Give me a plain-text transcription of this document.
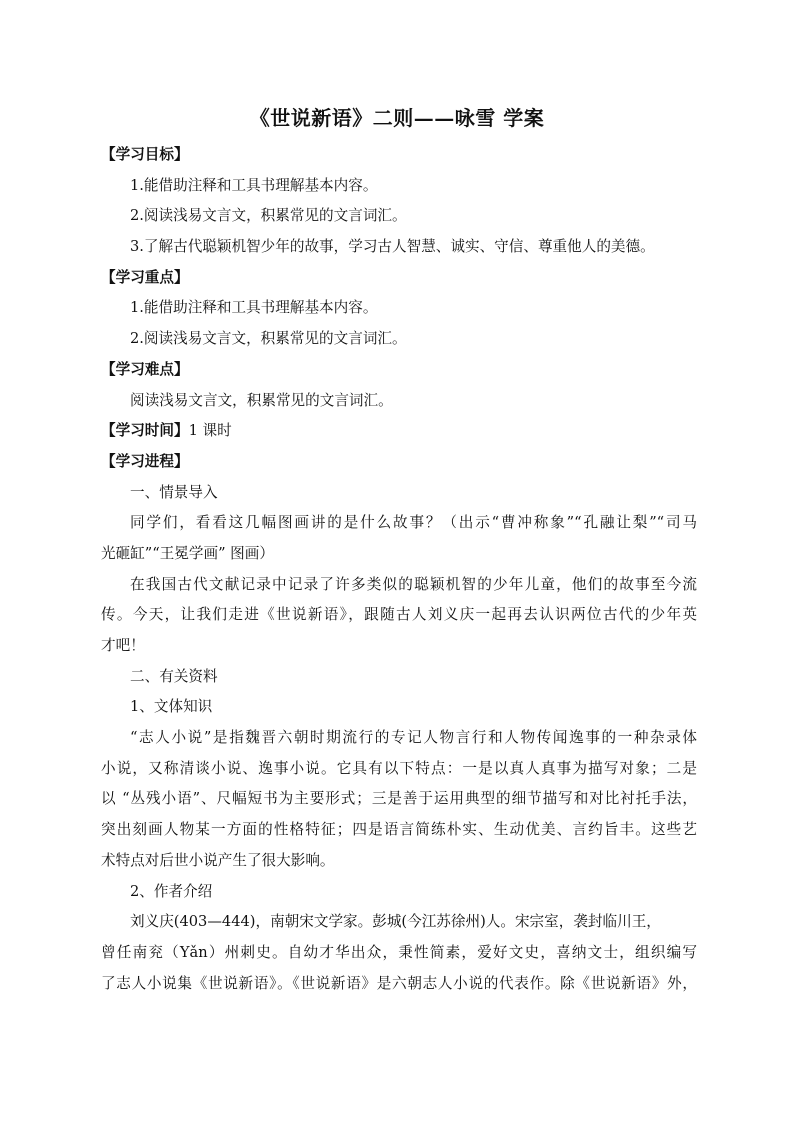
《世说新语》二则——咏雪 学案
【学习目标】
1.能借助注释和工具书理解基本内容。
2.阅读浅易文言文，积累常见的文言词汇。
3.了解古代聪颖机智少年的故事，学习古人智慧、诚实、守信、尊重他人的美德。
【学习重点】
1.能借助注释和工具书理解基本内容。
2.阅读浅易文言文，积累常见的文言词汇。
【学习难点】
阅读浅易文言文，积累常见的文言词汇。
【学习时间】1 课时
【学习进程】
一、情景导入
同学们，看看这几幅图画讲的是什么故事？（出示“曹冲称象”“孔融让梨”“司马
光砸缸”“王冕学画” 图画）
在我国古代文献记录中记录了许多类似的聪颖机智的少年儿童，他们的故事至今流
传。今天，让我们走进《世说新语》，跟随古人刘义庆一起再去认识两位古代的少年英
才吧！
二、有关资料
1、文体知识
“志人小说”是指魏晋六朝时期流行的专记人物言行和人物传闻逸事的一种杂录体
小说，又称清谈小说、逸事小说。它具有以下特点：一是以真人真事为描写对象；二是
以 “丛残小语”、尺幅短书为主要形式；三是善于运用典型的细节描写和对比衬托手法，
突出刻画人物某一方面的性格特征；四是语言简练朴实、生动优美、言约旨丰。这些艺
术特点对后世小说产生了很大影响。
2、作者介绍
刘义庆(403—444)，南朝宋文学家。彭城(今江苏徐州)人。宋宗室，袭封临川王，
曾任南兖（Yǎn）州刺史。自幼才华出众，秉性简素，爱好文史，喜纳文士，组织编写
了志人小说集《世说新语》。《世说新语》是六朝志人小说的代表作。除《世说新语》外，
